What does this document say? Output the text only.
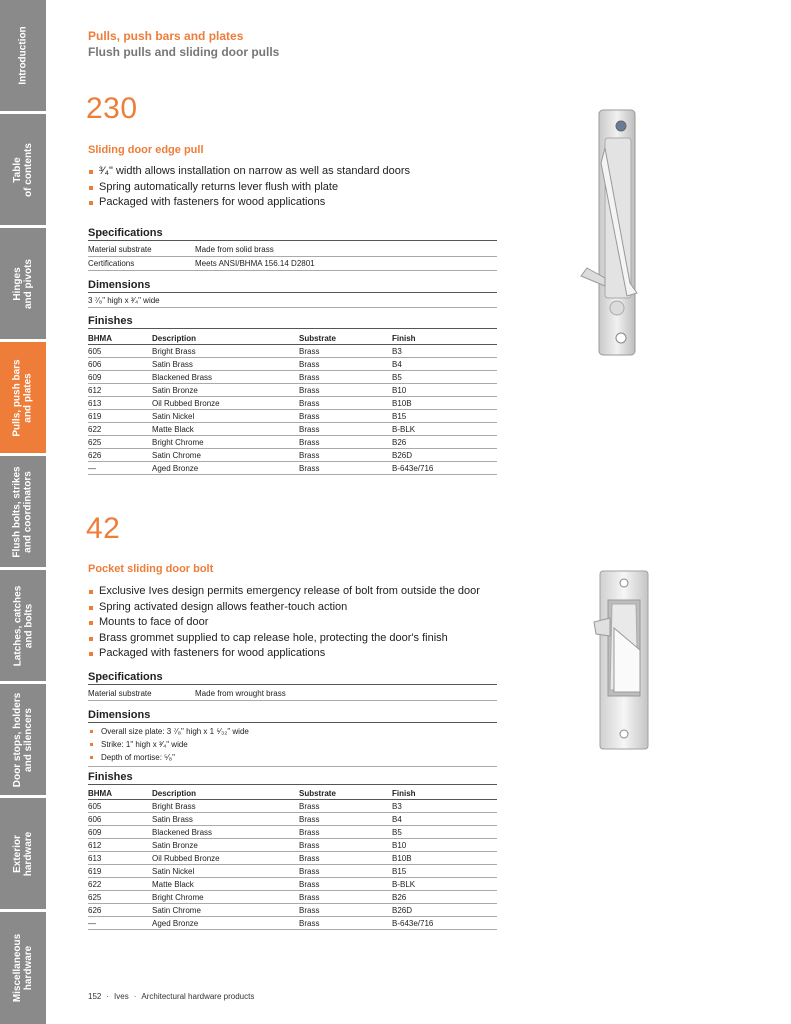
Introduction
Table
of contents
Hinges
and pivots
Pulls, push bars
and plates
Flush bolts, strikes
and coordinators
Latches, catches
and bolts
Door stops, holders
and silencers
Exterior
hardware
Miscellaneous
hardware
Pulls, push bars and plates
Flush pulls and sliding door pulls
230
Sliding door edge pull
³⁄₄" width allows installation on narrow as well as standard doors
Spring automatically returns lever flush with plate
Packaged with fasteners for wood applications
Specifications
Material substrate	Made from solid brass
Certifications	Meets ANSI/BHMA 156.14 D2801
Dimensions
3 ⁷⁄₈" high x ³⁄₄" wide
Finishes
BHMA	Description	Substrate	Finish
605	Bright Brass	Brass	B3
606	Satin Brass	Brass	B4
609	Blackened Brass	Brass	B5
612	Satin Bronze	Brass	B10
613	Oil Rubbed Bronze	Brass	B10B
619	Satin Nickel	Brass	B15
622	Matte Black	Brass	B-BLK
625	Bright Chrome	Brass	B26
626	Satin Chrome	Brass	B26D
—	Aged Bronze	Brass	B-643e/716
42
Pocket sliding door bolt
Exclusive Ives design permits emergency release of bolt from outside the door
Spring activated design allows feather-touch action
Mounts to face of door
Brass grommet supplied to cap release hole, protecting the door's finish
Packaged with fasteners for wood applications
Specifications
Material substrate	Made from wrought brass
Dimensions
Overall size plate: 3 ⁷⁄₈" high x 1 ⁵⁄₃₂" wide
Strike: 1" high x ³⁄₄" wide
Depth of mortise: ⁵⁄₈"
Finishes
BHMA	Description	Substrate	Finish
605	Bright Brass	Brass	B3
606	Satin Brass	Brass	B4
609	Blackened Brass	Brass	B5
612	Satin Bronze	Brass	B10
613	Oil Rubbed Bronze	Brass	B10B
619	Satin Nickel	Brass	B15
622	Matte Black	Brass	B-BLK
625	Bright Chrome	Brass	B26
626	Satin Chrome	Brass	B26D
—	Aged Bronze	Brass	B-643e/716
152 · Ives · Architectural hardware products
